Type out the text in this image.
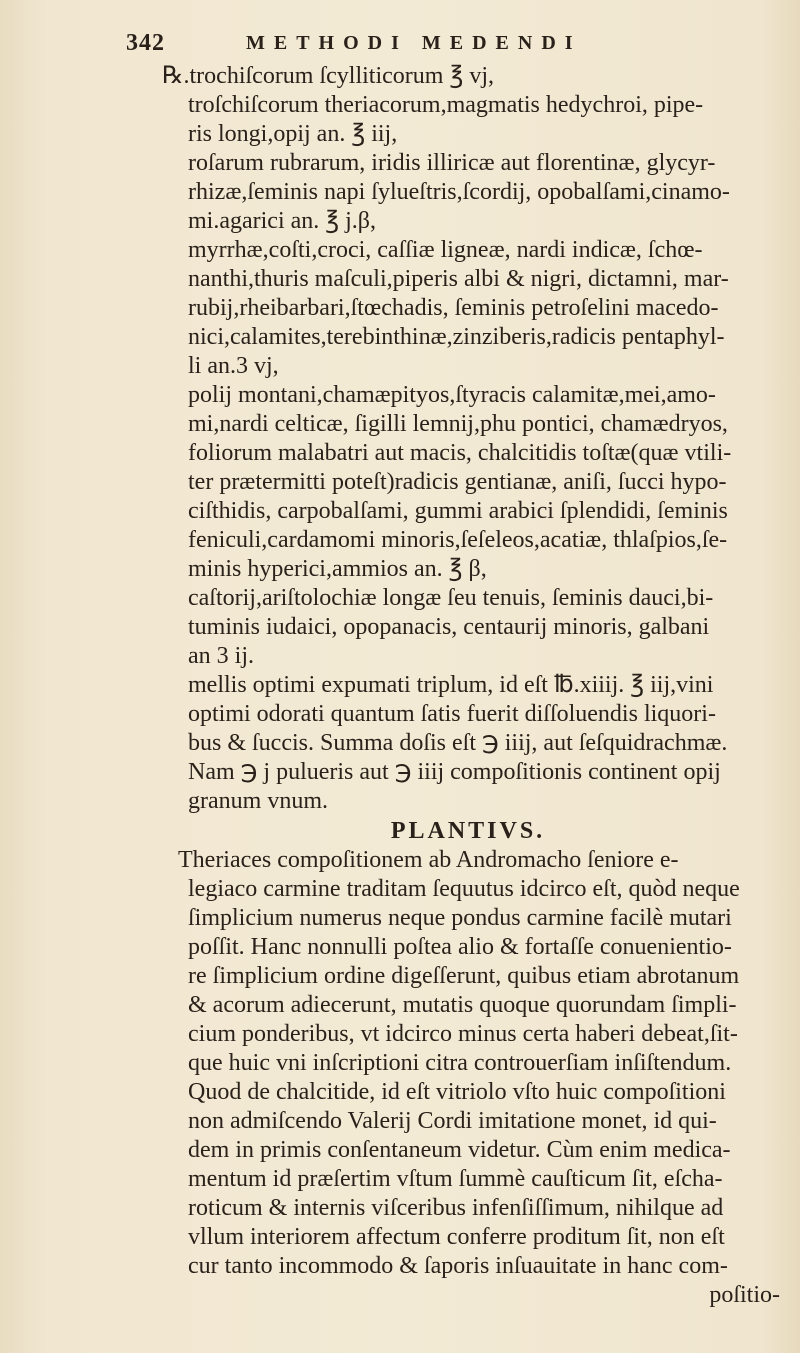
342	METHODI MEDENDI
℞.trochiſcorum ſcylliticorum ℥ vj,
troſchiſcorum theriacorum,magmatis hedychroi, pipe-
ris longi,opij an. ℥ iij,
roſarum rubrarum, iridis illiricæ aut florentinæ, glycyr-
rhizæ,ſeminis napi ſylueſtris,ſcordij, opobalſami,cinamo-
mi.agarici an. ℥ j.β,
myrrhæ,coſti,croci, caſſiæ ligneæ, nardi indicæ, ſchœ-
nanthi,thuris maſculi,piperis albi & nigri, dictamni, mar-
rubij,rheibarbari,ſtœchadis, ſeminis petroſelini macedo-
nici,calamites,terebinthinæ,zinziberis,radicis pentaphyl-
li an.3 vj,
polij montani,chamæpityos,ſtyracis calamitæ,mei,amo-
mi,nardi celticæ, ſigilli lemnij,phu pontici, chamædryos,
foliorum malabatri aut macis, chalcitidis toſtæ(quæ vtili-
ter prætermitti poteſt)radicis gentianæ, aniſi, ſucci hypo-
ciſthidis, carpobalſami, gummi arabici ſplendidi, ſeminis
feniculi,cardamomi minoris,ſeſeleos,acatiæ, thlaſpios,ſe-
minis hyperici,ammios an. ℥ β,
caſtorij,ariſtolochiæ longæ ſeu tenuis, ſeminis dauci,bi-
tuminis iudaici, opopanacis, centaurij minoris, galbani
an 3 ij.
mellis optimi expumati triplum, id eſt ℔.xiiij. ℥ iij,vini
optimi odorati quantum ſatis fuerit diſſoluendis liquori-
bus & ſuccis. Summa doſis eſt ℈ iiij, aut ſeſquidrachmæ.
Nam ℈ j pulueris aut ℈ iiij compoſitionis continent opij
granum vnum.
PLANTIVS.
Theriaces compoſitionem ab Andromacho ſeniore e-
legiaco carmine traditam ſequutus idcirco eſt, quòd neque
ſimplicium numerus neque pondus carmine facilè mutari
poſſit. Hanc nonnulli poſtea alio & fortaſſe conuenientio-
re ſimplicium ordine digeſſerunt, quibus etiam abrotanum
& acorum adiecerunt, mutatis quoque quorundam ſimpli-
cium ponderibus, vt idcirco minus certa haberi debeat,ſit-
que huic vni inſcriptioni citra controuerſiam inſiſtendum.
Quod de chalcitide, id eſt vitriolo vſto huic compoſitioni
non admiſcendo Valerij Cordi imitatione monet, id qui-
dem in primis conſentaneum videtur. Cùm enim medica-
mentum id præſertim vſtum ſummè cauſticum ſit, eſcha-
roticum & internis viſceribus infenſiſſimum, nihilque ad
vllum interiorem affectum conferre proditum ſit, non eſt
cur tanto incommodo & ſaporis inſuauitate in hanc com-
poſitio-
